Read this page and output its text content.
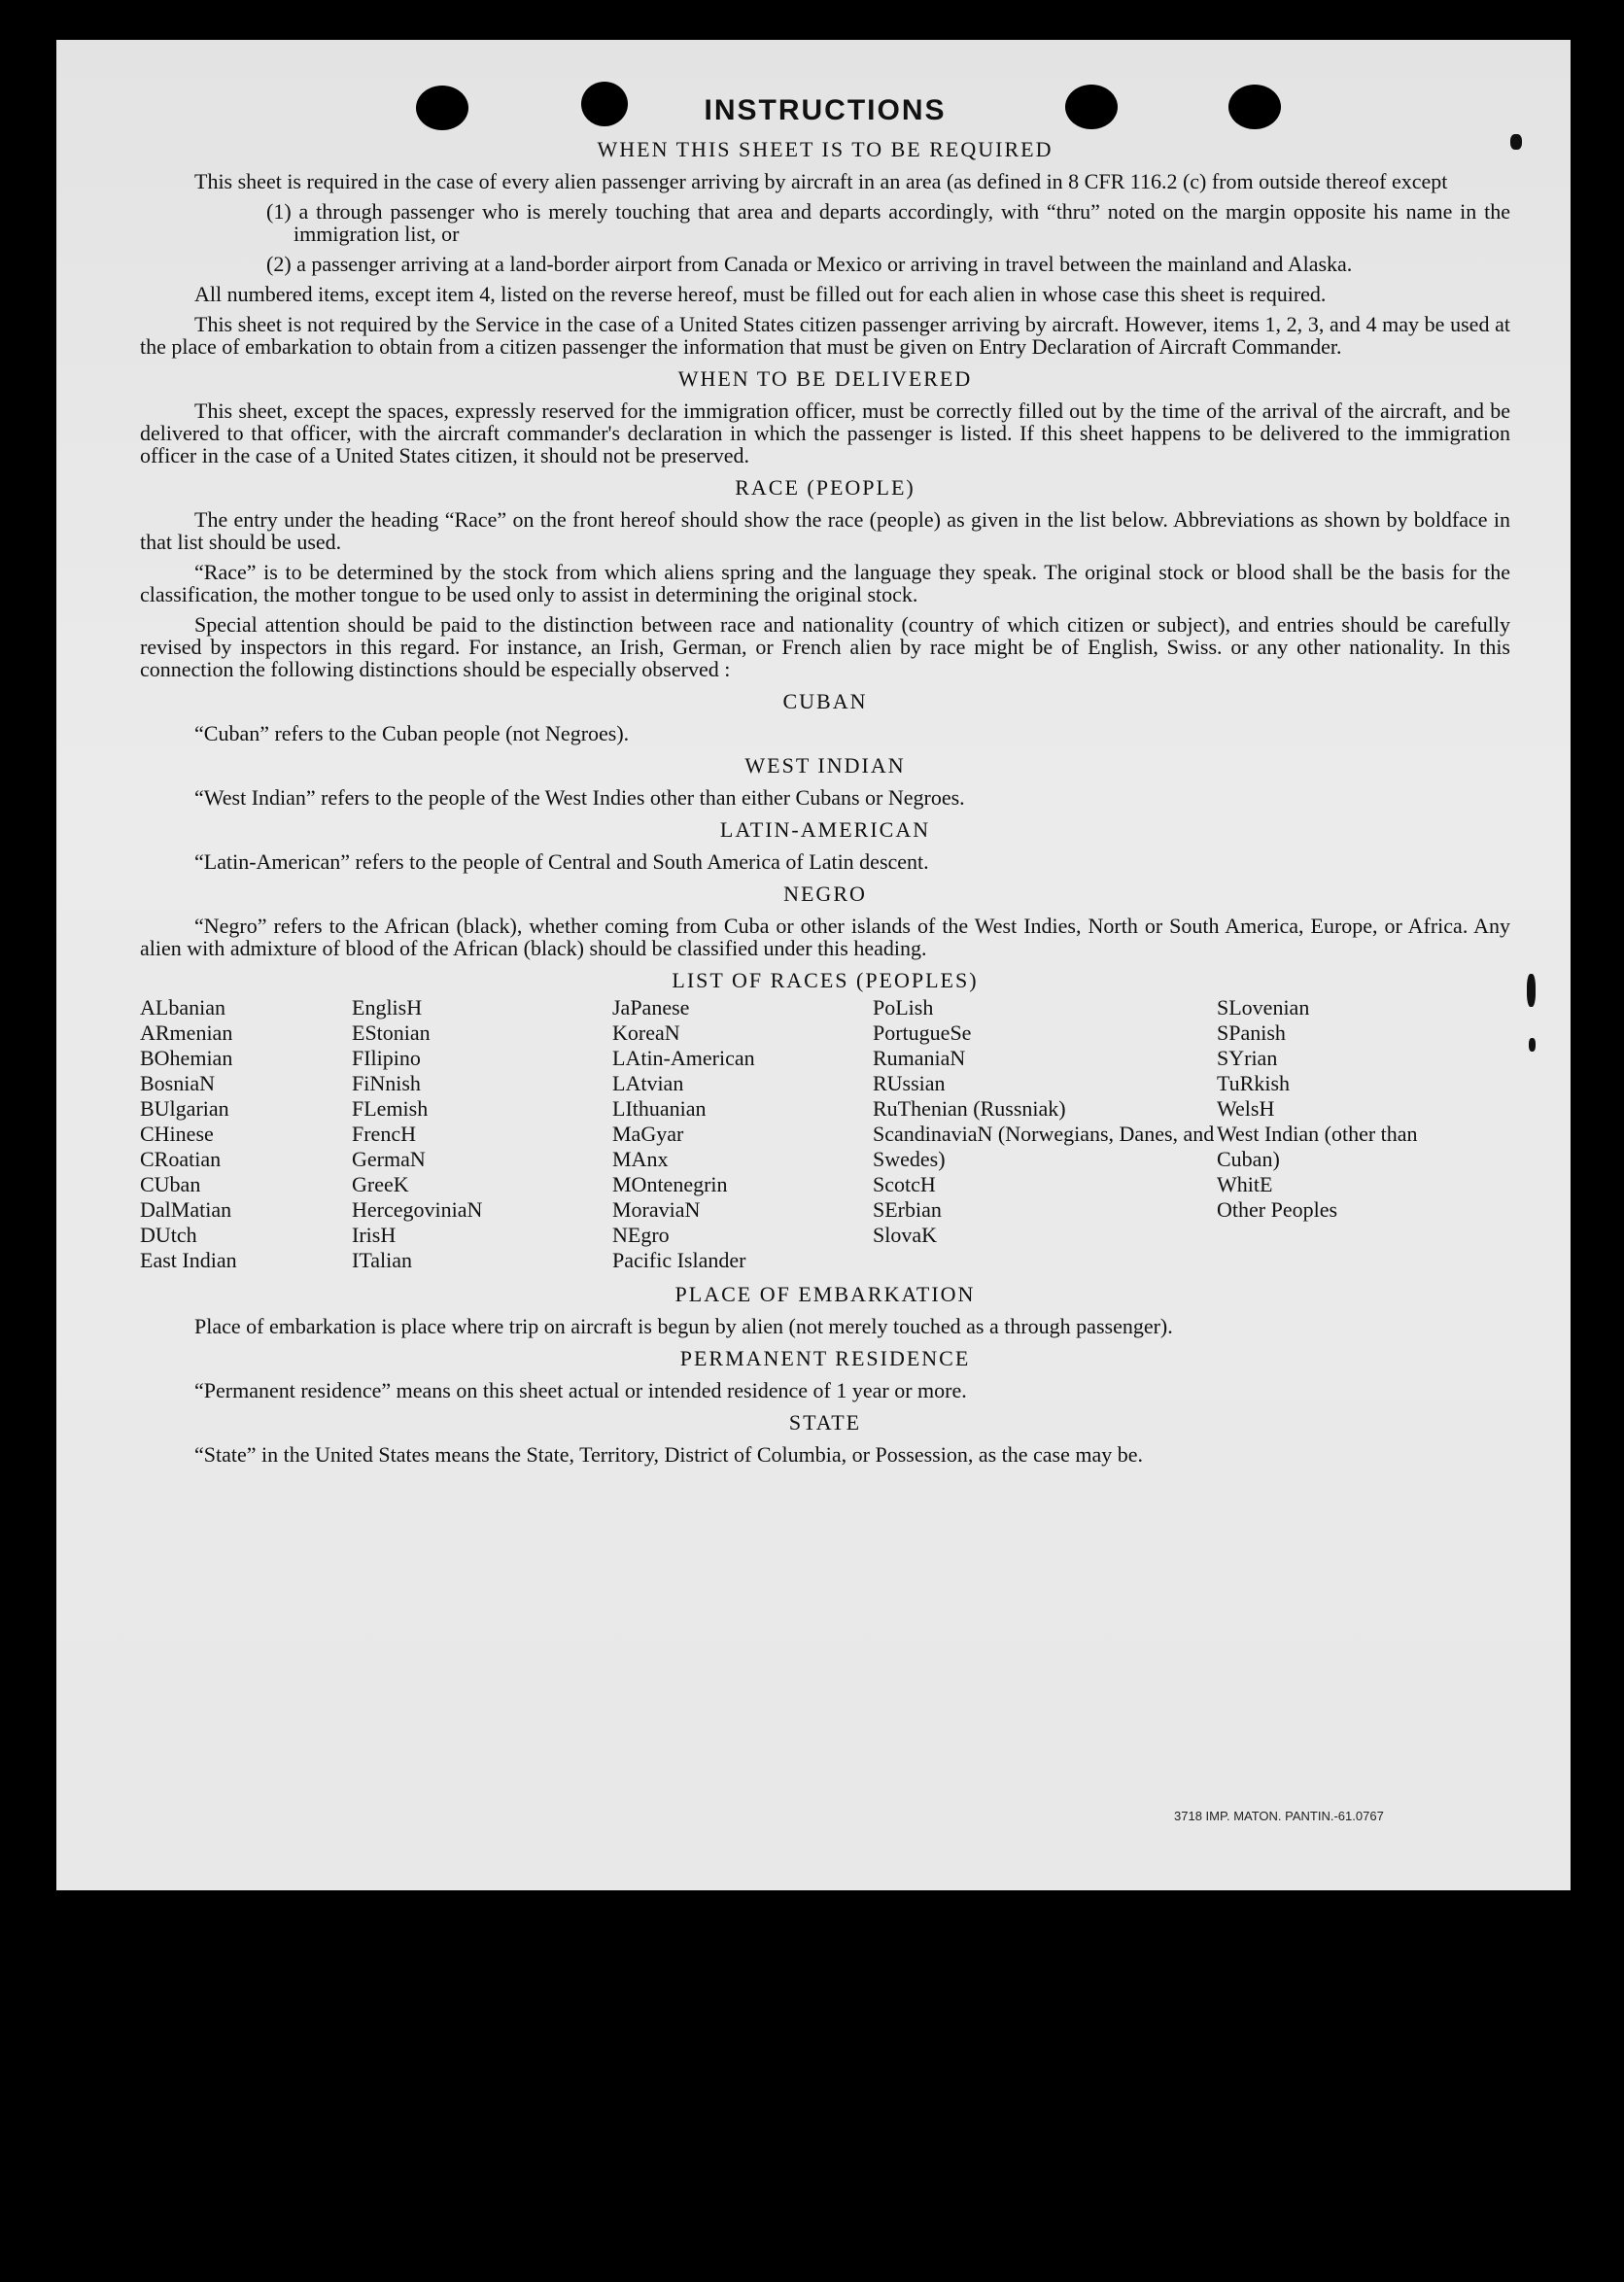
INSTRUCTIONS
WHEN THIS SHEET IS TO BE REQUIRED

This sheet is required in the case of every alien passenger arriving by aircraft in an area (as defined in 8 CFR 116.2 (c) from outside thereof except

(1) a through passenger who is merely touching that area and departs accordingly, with “thru” noted on the margin opposite his name in the immigration list, or
(2) a passenger arriving at a land-border airport from Canada or Mexico or arriving in travel between the mainland and Alaska.

All numbered items, except item 4, listed on the reverse hereof, must be filled out for each alien in whose case this sheet is required.

This sheet is not required by the Service in the case of a United States citizen passenger arriving by aircraft. However, items 1, 2, 3, and 4 may be used at the place of embarkation to obtain from a citizen passenger the information that must be given on Entry Declaration of Aircraft Commander.

WHEN TO BE DELIVERED

This sheet, except the spaces, expressly reserved for the immigration officer, must be correctly filled out by the time of the arrival of the aircraft, and be delivered to that officer, with the aircraft commander's declaration in which the passenger is listed. If this sheet happens to be delivered to the immigration officer in the case of a United States citizen, it should not be preserved.

RACE (PEOPLE)

The entry under the heading “Race” on the front hereof should show the race (people) as given in the list below. Abbreviations as shown by boldface in that list should be used.

“Race” is to be determined by the stock from which aliens spring and the language they speak. The original stock or blood shall be the basis for the classification, the mother tongue to be used only to assist in determining the original stock.

Special attention should be paid to the distinction between race and nationality (country of which citizen or subject), and entries should be carefully revised by inspectors in this regard. For instance, an Irish, German, or French alien by race might be of English, Swiss. or any other nationality. In this connection the following distinctions should be especially observed :

CUBAN

“Cuban” refers to the Cuban people (not Negroes).

WEST INDIAN

“West Indian” refers to the people of the West Indies other than either Cubans or Negroes.

LATIN-AMERICAN

“Latin-American” refers to the people of Central and South America of Latin descent.

NEGRO

“Negro” refers to the African (black), whether coming from Cuba or other islands of the West Indies, North or South America, Europe, or Africa. Any alien with admixture of blood of the African (black) should be classified under this heading.

LIST OF RACES (PEOPLES)
ALbanian
ARmenian
BOhemian
BosniaN
BUlgarian
CHinese
CRoatian
CUban
DalMatian
DUtch
East Indian
EnglisH
EStonian
FIlipino
FiNnish
FLemish
FrencH
GermaN
GreeK
HercegoviniaN
IrisH
ITalian
JaPanese
KoreaN
LAtin-American
LAtvian
LIthuanian
MaGyar
MAnx
MOntenegrin
MoraviaN
NEgro
Pacific Islander
PoLish
PortugueSe
RumaniaN
RUssian
RuThenian (Russniak)
ScandinaviaN (Norwegians, Danes, and Swedes)
ScotcH
SErbian
SlovaK
SLovenian
SPanish
SYrian
TuRkish
WelsH
West Indian (other than Cuban)
WhitE
Other Peoples
PLACE OF EMBARKATION

Place of embarkation is place where trip on aircraft is begun by alien (not merely touched as a through passenger).

PERMANENT RESIDENCE

“Permanent residence” means on this sheet actual or intended residence of 1 year or more.

STATE

“State” in the United States means the State, Territory, District of Columbia, or Possession, as the case may be.

3718 IMP. MATON. PANTIN.-61.0767
